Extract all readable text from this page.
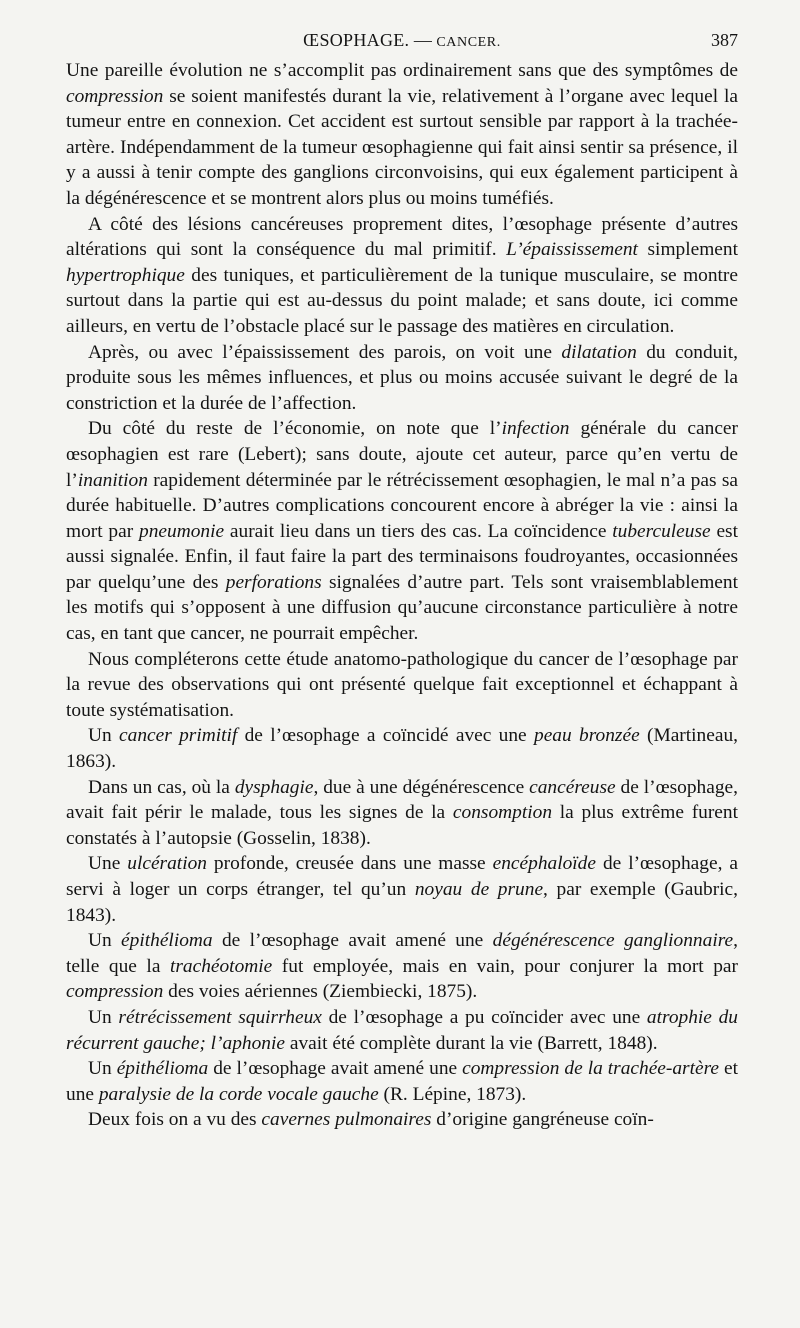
ŒSOPHAGE. — CANCER.	387

Une pareille évolution ne s’accomplit pas ordinairement sans que des symptômes de compression se soient manifestés durant la vie, relativement à l’organe avec lequel la tumeur entre en connexion. Cet accident est surtout sensible par rapport à la trachée-artère. Indépendamment de la tumeur œsophagienne qui fait ainsi sentir sa présence, il y a aussi à tenir compte des ganglions circonvoisins, qui eux également participent à la dégénérescence et se montrent alors plus ou moins tuméfiés.

A côté des lésions cancéreuses proprement dites, l’œsophage présente d’autres altérations qui sont la conséquence du mal primitif. L’épaississement simplement hypertrophique des tuniques, et particulièrement de la tunique musculaire, se montre surtout dans la partie qui est au-dessus du point malade; et sans doute, ici comme ailleurs, en vertu de l’obstacle placé sur le passage des matières en circulation.

Après, ou avec l’épaississement des parois, on voit une dilatation du conduit, produite sous les mêmes influences, et plus ou moins accusée suivant le degré de la constriction et la durée de l’affection.

Du côté du reste de l’économie, on note que l’infection générale du cancer œsophagien est rare (Lebert); sans doute, ajoute cet auteur, parce qu’en vertu de l’inanition rapidement déterminée par le rétrécissement œsophagien, le mal n’a pas sa durée habituelle. D’autres complications concourent encore à abréger la vie : ainsi la mort par pneumonie aurait lieu dans un tiers des cas. La coïncidence tuberculeuse est aussi signalée. Enfin, il faut faire la part des terminaisons foudroyantes, occasionnées par quelqu’une des perforations signalées d’autre part. Tels sont vraisemblablement les motifs qui s’opposent à une diffusion qu’aucune circonstance particulière à notre cas, en tant que cancer, ne pourrait empêcher.

Nous compléterons cette étude anatomo-pathologique du cancer de l’œsophage par la revue des observations qui ont présenté quelque fait exceptionnel et échappant à toute systématisation.

Un cancer primitif de l’œsophage a coïncidé avec une peau bronzée (Martineau, 1863).

Dans un cas, où la dysphagie, due à une dégénérescence cancéreuse de l’œsophage, avait fait périr le malade, tous les signes de la consomption la plus extrême furent constatés à l’autopsie (Gosselin, 1838).

Une ulcération profonde, creusée dans une masse encéphaloïde de l’œsophage, a servi à loger un corps étranger, tel qu’un noyau de prune, par exemple (Gaubric, 1843).

Un épithélioma de l’œsophage avait amené une dégénérescence ganglionnaire, telle que la trachéotomie fut employée, mais en vain, pour conjurer la mort par compression des voies aériennes (Ziembiecki, 1875).

Un rétrécissement squirrheux de l’œsophage a pu coïncider avec une atrophie du récurrent gauche; l’aphonie avait été complète durant la vie (Barrett, 1848).

Un épithélioma de l’œsophage avait amené une compression de la trachée-artère et une paralysie de la corde vocale gauche (R. Lépine, 1873).

Deux fois on a vu des cavernes pulmonaires d’origine gangréneuse coïn-
